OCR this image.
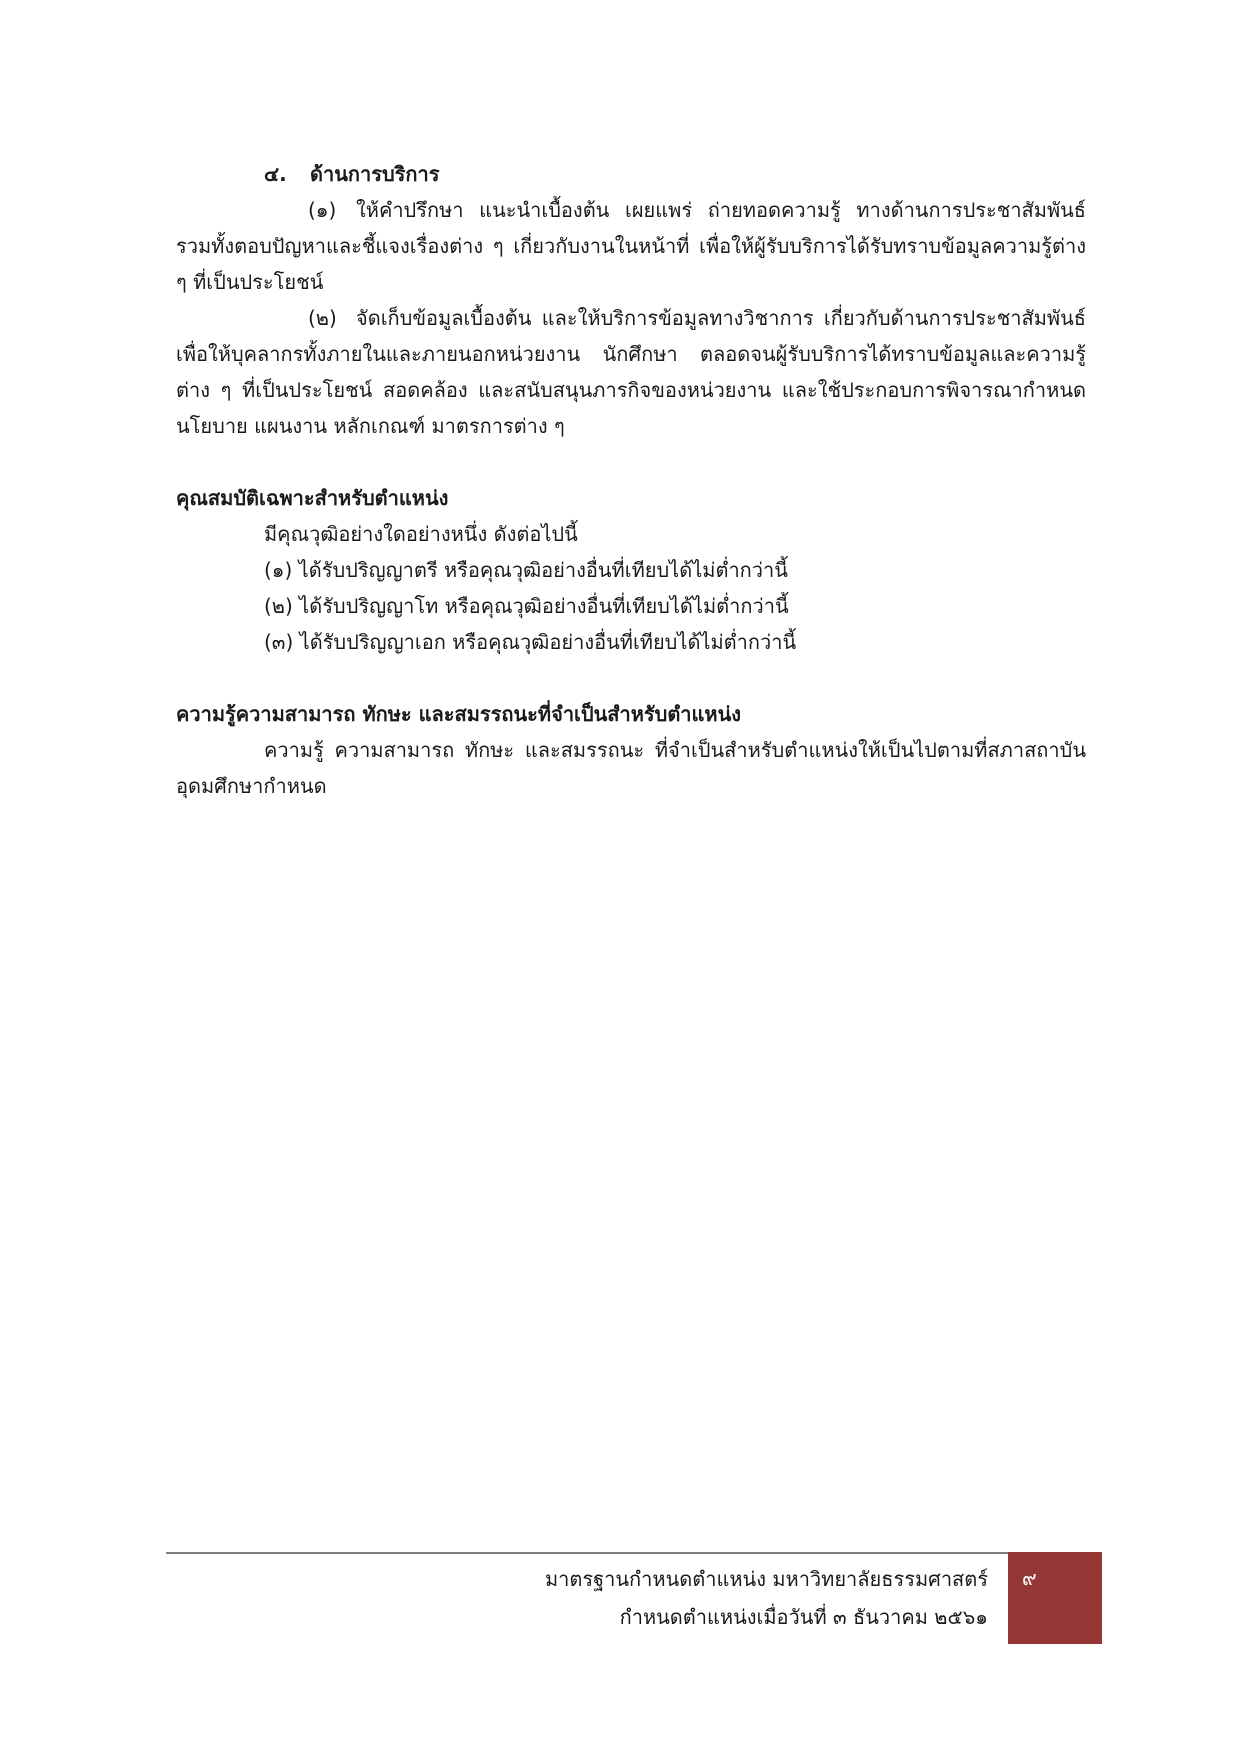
๔. ด้านการบริการ

(๑) ให้คำปรึกษา แนะนำเบื้องต้น เผยแพร่ ถ่ายทอดความรู้ ทางด้านการประชาสัมพันธ์ รวมทั้งตอบปัญหาและชี้แจงเรื่องต่าง ๆ เกี่ยวกับงานในหน้าที่ เพื่อให้ผู้รับบริการได้รับทราบข้อมูลความรู้ต่าง ๆ ที่เป็นประโยชน์

(๒) จัดเก็บข้อมูลเบื้องต้น และให้บริการข้อมูลทางวิชาการ เกี่ยวกับด้านการประชาสัมพันธ์ เพื่อให้บุคลากรทั้งภายในและภายนอกหน่วยงาน นักศึกษา ตลอดจนผู้รับบริการได้ทราบข้อมูลและความรู้ต่าง ๆ ที่เป็นประโยชน์ สอดคล้อง และสนับสนุนภารกิจของหน่วยงาน และใช้ประกอบการพิจารณากำหนดนโยบาย แผนงาน หลักเกณฑ์ มาตรการต่าง ๆ

คุณสมบัติเฉพาะสำหรับตำแหน่ง

มีคุณวุฒิอย่างใดอย่างหนึ่ง ดังต่อไปนี้

(๑) ได้รับปริญญาตรี หรือคุณวุฒิอย่างอื่นที่เทียบได้ไม่ต่ำกว่านี้

(๒) ได้รับปริญญาโท หรือคุณวุฒิอย่างอื่นที่เทียบได้ไม่ต่ำกว่านี้

(๓) ได้รับปริญญาเอก หรือคุณวุฒิอย่างอื่นที่เทียบได้ไม่ต่ำกว่านี้

ความรู้ความสามารถ ทักษะ และสมรรถนะที่จำเป็นสำหรับตำแหน่ง

ความรู้ ความสามารถ ทักษะ และสมรรถนะ ที่จำเป็นสำหรับตำแหน่งให้เป็นไปตามที่สภาสถาบันอุดมศึกษากำหนด

มาตรฐานกำหนดตำแหน่ง มหาวิทยาลัยธรรมศาสตร์
กำหนดตำแหน่งเมื่อวันที่ ๓ ธันวาคม ๒๕๖๑
๙
